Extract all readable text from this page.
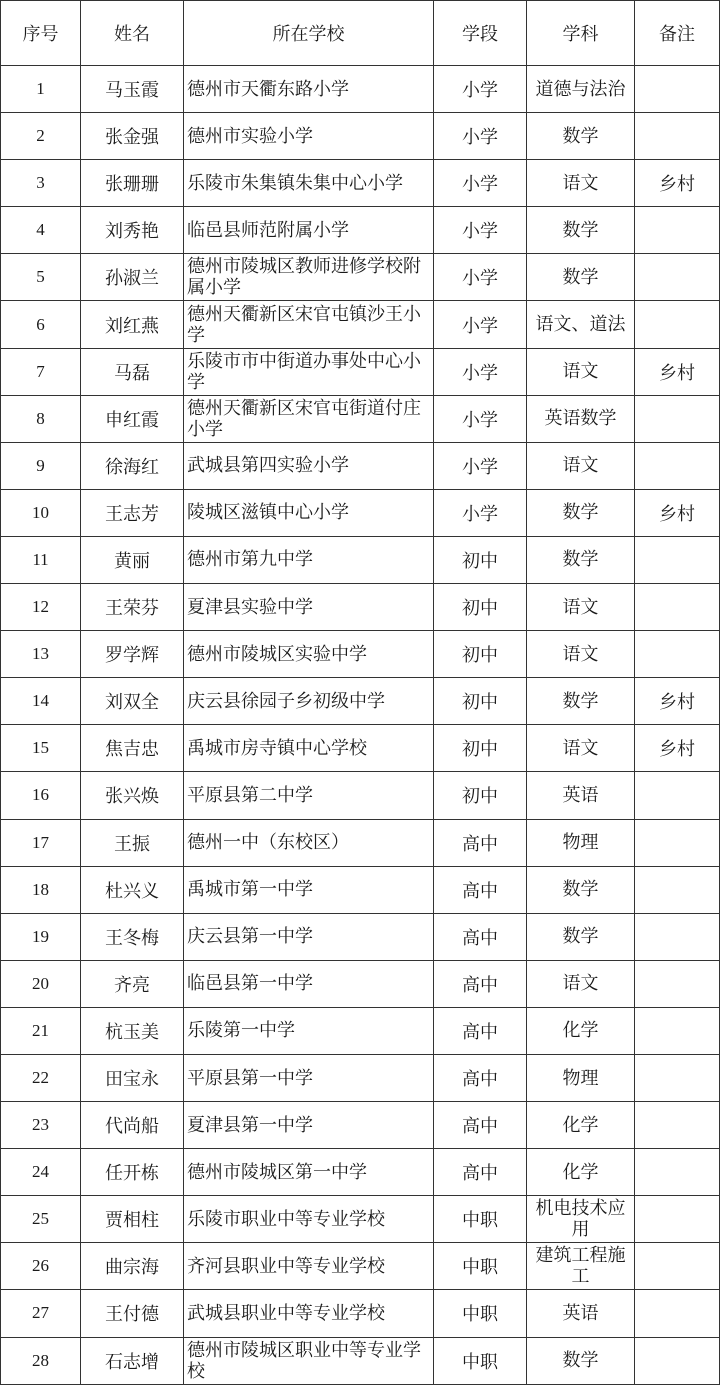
序号	姓名	所在学校	学段	学科	备注
1	马玉霞	德州市天衢东路小学	小学	道德与法治	
2	张金强	德州市实验小学	小学	数学	
3	张珊珊	乐陵市朱集镇朱集中心小学	小学	语文	乡村
4	刘秀艳	临邑县师范附属小学	小学	数学	
5	孙淑兰	德州市陵城区教师进修学校附属小学	小学	数学	
6	刘红燕	德州天衢新区宋官屯镇沙王小学	小学	语文、道法	
7	马磊	乐陵市市中街道办事处中心小学	小学	语文	乡村
8	申红霞	德州天衢新区宋官屯街道付庄小学	小学	英语数学	
9	徐海红	武城县第四实验小学	小学	语文	
10	王志芳	陵城区滋镇中心小学	小学	数学	乡村
11	黄丽	德州市第九中学	初中	数学	
12	王荣芬	夏津县实验中学	初中	语文	
13	罗学辉	德州市陵城区实验中学	初中	语文	
14	刘双全	庆云县徐园子乡初级中学	初中	数学	乡村
15	焦吉忠	禹城市房寺镇中心学校	初中	语文	乡村
16	张兴焕	平原县第二中学	初中	英语	
17	王振	德州一中（东校区）	高中	物理	
18	杜兴义	禹城市第一中学	高中	数学	
19	王冬梅	庆云县第一中学	高中	数学	
20	齐亮	临邑县第一中学	高中	语文	
21	杭玉美	乐陵第一中学	高中	化学	
22	田宝永	平原县第一中学	高中	物理	
23	代尚船	夏津县第一中学	高中	化学	
24	任开栋	德州市陵城区第一中学	高中	化学	
25	贾相柱	乐陵市职业中等专业学校	中职	机电技术应用	
26	曲宗海	齐河县职业中等专业学校	中职	建筑工程施工	
27	王付德	武城县职业中等专业学校	中职	英语	
28	石志增	德州市陵城区职业中等专业学校	中职	数学	
